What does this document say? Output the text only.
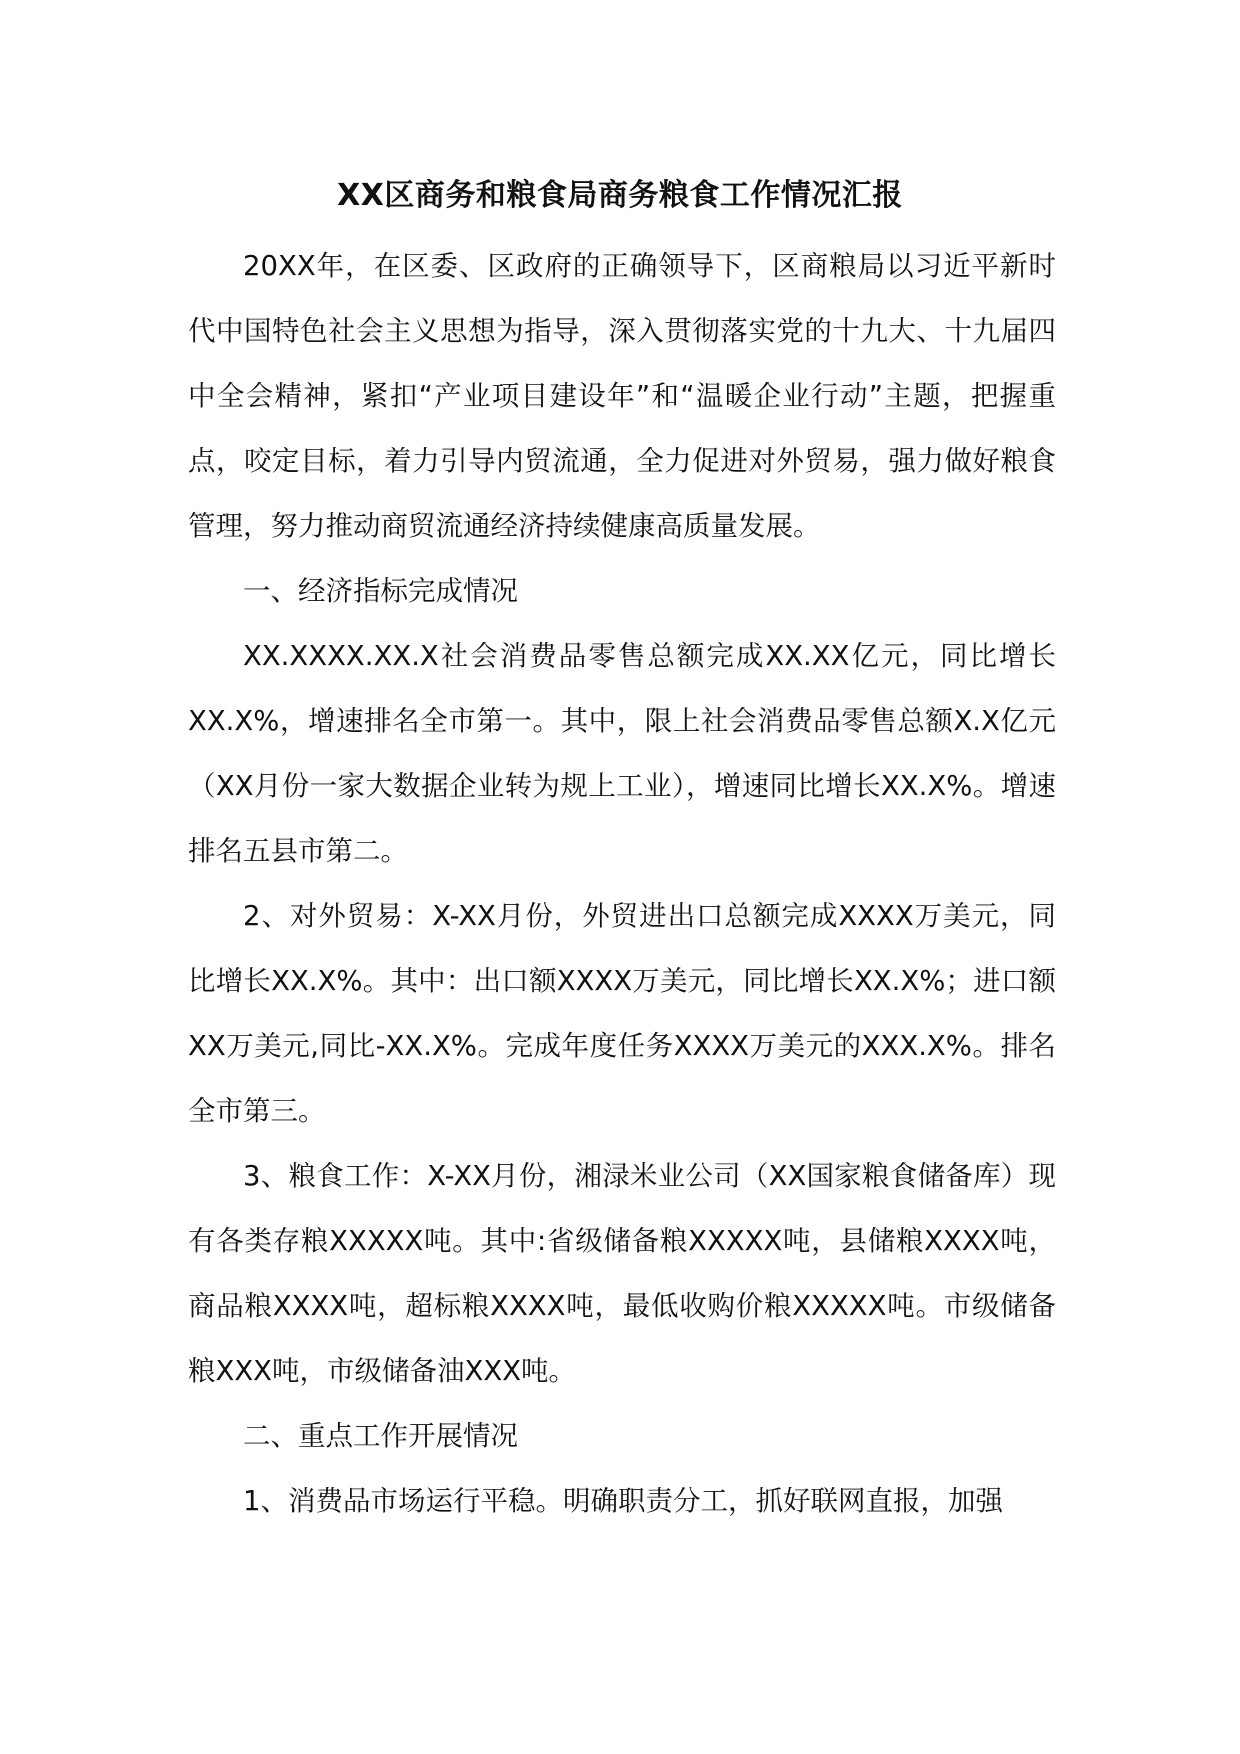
XX区商务和粮食局商务粮食工作情况汇报

20XX年，在区委、区政府的正确领导下，区商粮局以习近平新时代中国特色社会主义思想为指导，深入贯彻落实党的十九大、十九届四中全会精神，紧扣“产业项目建设年”和“温暖企业行动”主题，把握重点，咬定目标，着力引导内贸流通，全力促进对外贸易，强力做好粮食管理，努力推动商贸流通经济持续健康高质量发展。

一、经济指标完成情况

XX.XXXX.XX.X社会消费品零售总额完成XX.XX亿元，同比增长XX.X%，增速排名全市第一。其中，限上社会消费品零售总额X.X亿元（XX月份一家大数据企业转为规上工业），增速同比增长XX.X%。增速排名五县市第二。

2、对外贸易：X-XX月份，外贸进出口总额完成XXXX万美元，同比增长XX.X%。其中：出口额XXXX万美元，同比增长XX.X%；进口额XX万美元,同比-XX.X%。完成年度任务XXXX万美元的XXX.X%。排名全市第三。

3、粮食工作：X-XX月份，湘渌米业公司（XX国家粮食储备库）现有各类存粮XXXXX吨。其中:省级储备粮XXXXX吨，县储粮XXXX吨，商品粮XXXX吨，超标粮XXXX吨，最低收购价粮XXXXX吨。市级储备粮XXX吨，市级储备油XXX吨。

二、重点工作开展情况

1、消费品市场运行平稳。明确职责分工，抓好联网直报，加强
